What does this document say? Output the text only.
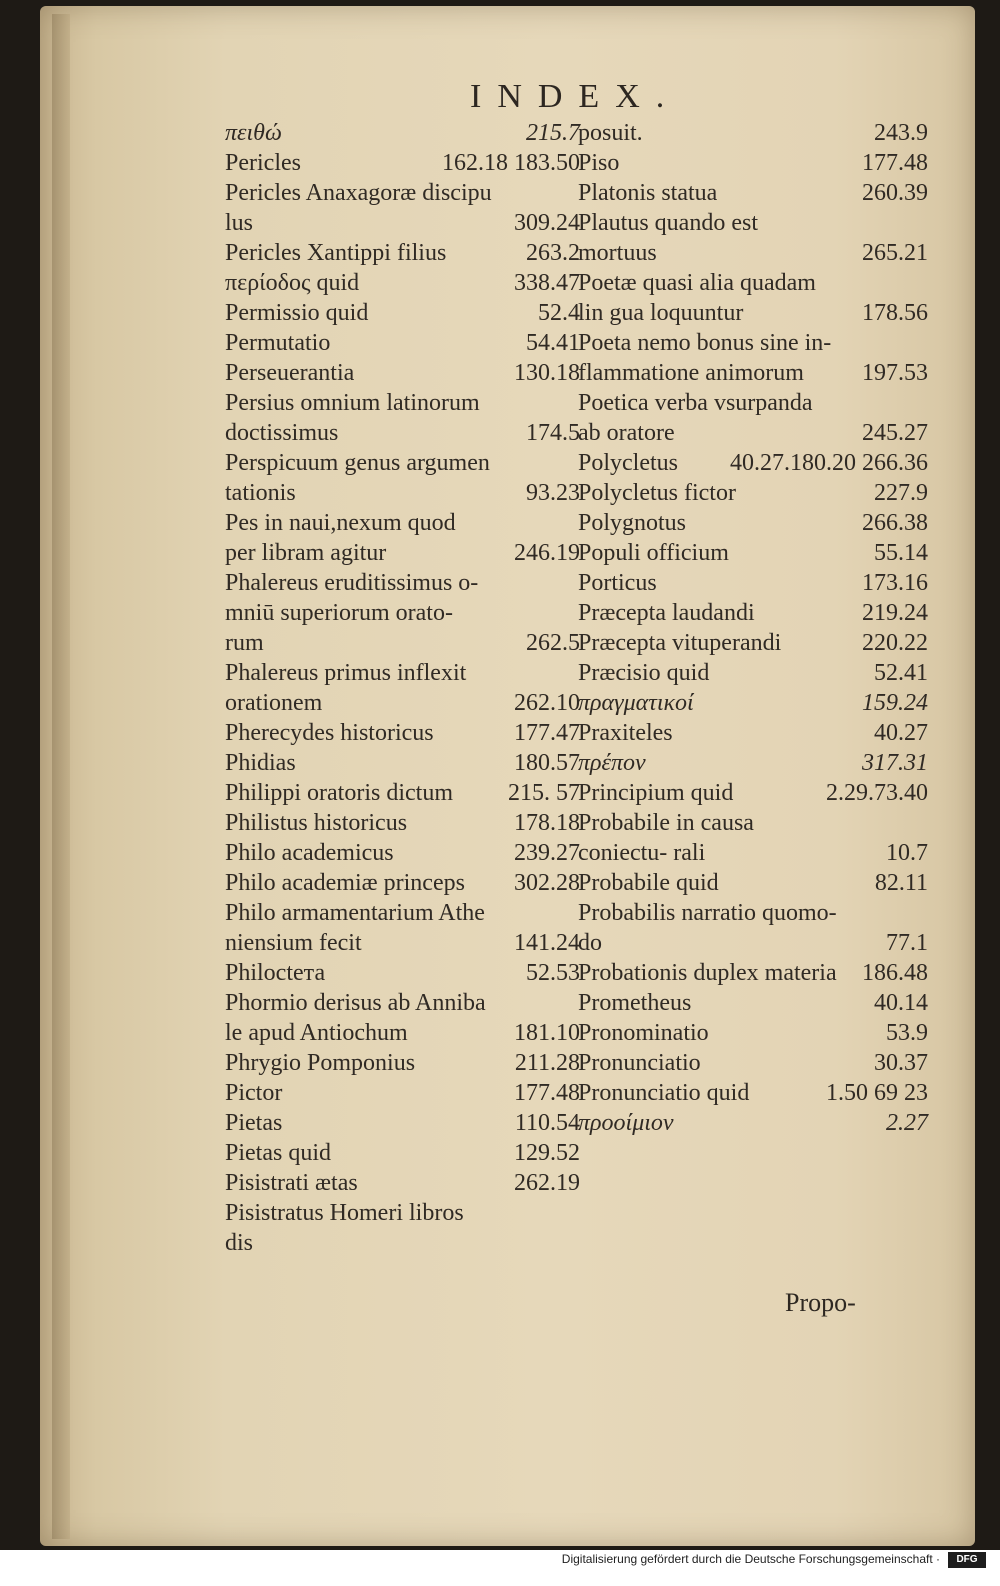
INDEX.
πειθώ	215.7
Pericles	162.18 183.50
Pericles Anaxagoræ discipu lus	309.24
Pericles Xantippi filius	263.2
περίοδος quid	338.47
Permissio quid	52.4
Permutatio	54.41
Perseuerantia	130.18
Persius omnium latinorum doctissimus	174.5
Perspicuum genus argumen tationis	93.23
Pes in naui,nexum quod per libram agitur	246.19
Phalereus eruditissimus o- mniū superiorum orato- rum	262.5
Phalereus primus inflexit orationem	262.10
Pherecydes historicus	177.47
Phidias	180.57
Philippi oratoris dictum	215. 57
Philistus historicus	178.18
Philo academicus	239.27
Philo academiæ princeps	302.28
Philo armamentarium Athe niensium fecit	141.24
Philoctета	52.53
Phormio derisus ab Anniba le apud Antiochum	181.10
Phrygio Pomponius	211.28
Pictor	177.48
Pietas	110.54
Pietas quid	129.52
Pisistrati ætas	262.19
Pisistratus Homeri libros dis
posuit.	243.9
Piso	177.48
Platonis statua	260.39
Plautus quando est mortuus	265.21
Poetæ quasi alia quadam lin gua loquuntur	178.56
Poeta nemo bonus sine in- flammatione animorum	197.53
Poetica verba vsurpanda ab oratore	245.27
Polycletus	40.27.180.20 266.36
Polycletus fictor	227.9
Polygnotus	266.38
Populi officium	55.14
Porticus	173.16
Præcepta laudandi	219.24
Præcepta vituperandi	220.22
Præcisio quid	52.41
πραγματικοί	159.24
Praxiteles	40.27
πρέπον	317.31
Principium quid	2.29.73.40
Probabile in causa coniectu- rali	10.7
Probabile quid	82.11
Probabilis narratio quomo- do	77.1
Probationis duplex materia	186.48
Prometheus	40.14
Pronominatio	53.9
Pronunciatio	30.37
Pronunciatio quid	1.50 69 23
προοίμιον	2.27
Propo-
Digitalisierung gefördert durch die Deutsche Forschungsgemeinschaft ·	DFG
